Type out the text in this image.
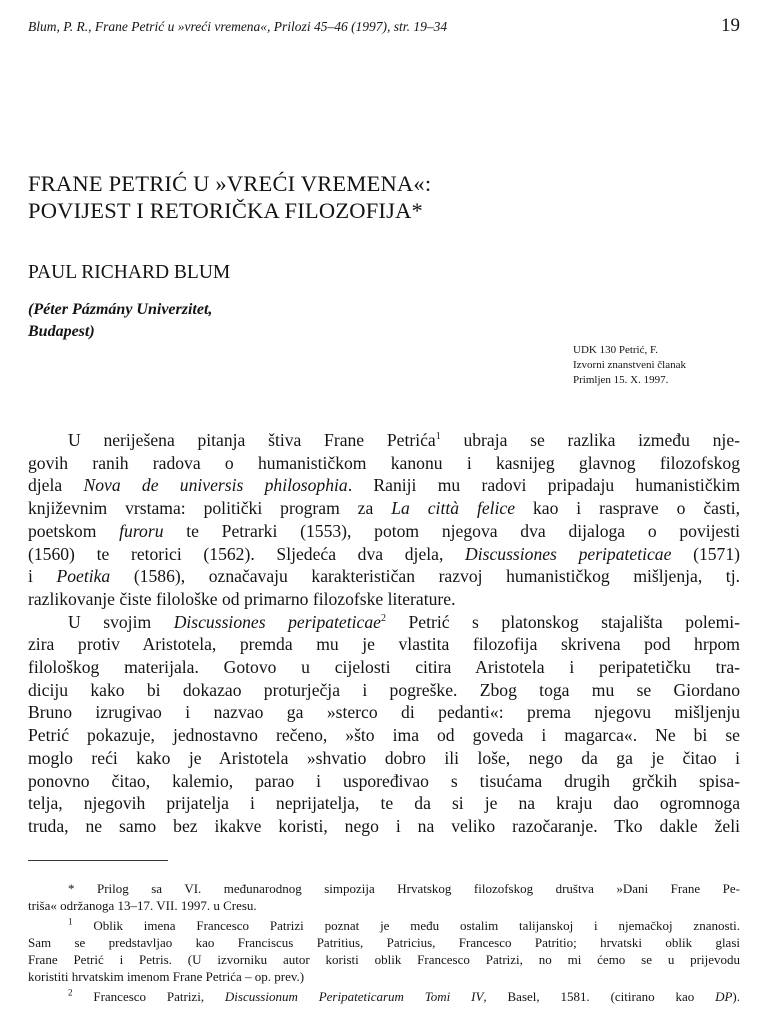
Blum, P. R., Frane Petrić u »vreći vremena«, Prilozi 45–46 (1997), str. 19–34	19
FRANE PETRIĆ U »VREĆI VREMENA«:
POVIJEST I RETORIČKA FILOZOFIJA*
PAUL RICHARD BLUM
(Péter Pázmány Univerzitet,
Budapest)
UDK 130 Petrić, F.
Izvorni znanstveni članak
Primljen 15. X. 1997.

U neriješena pitanja štiva Frane Petrića$^1$ ubraja se razlika između nje-
govih ranih radova o humanističkom kanonu i kasnijeg glavnog filozofskog
djela Nova de universis philosophia. Raniji mu radovi pripadaju humanističkim
književnim vrstama: politički program za La città felice kao i rasprave o časti,
poetskom furoru te Petrarki (1553), potom njegova dva dijaloga o povijesti
(1560) te retorici (1562). Sljedeća dva djela, Discussiones peripateticae (1571)
i Poetika (1586), označavaju karakterističan razvoj humanističkog mišljenja, tj.
razlikovanje čiste filološke od primarno filozofske literature.

U svojim Discussiones peripateticae$^2$ Petrić s platonskog stajališta polemi-
zira protiv Aristotela, premda mu je vlastita filozofija skrivena pod hrpom
filološkog materijala. Gotovo u cijelosti citira Aristotela i peripatetičku tra-
diciju kako bi dokazao proturječja i pogreške. Zbog toga mu se Giordano
Bruno izrugivao i nazvao ga »sterco di pedanti«: prema njegovu mišljenju
Petrić pokazuje, jednostavno rečeno, »što ima od goveda i magarca«. Ne bi se
moglo reći kako je Aristotela »shvatio dobro ili loše, nego da ga je čitao i
ponovno čitao, kalemio, parao i uspoređivao s tisućama drugih grčkih spisa-
telja, njegovih prijatelja i neprijatelja, te da si je na kraju dao ogromnoga
truda, ne samo bez ikakve koristi, nego i na veliko razočaranje. Tko dakle želi

* Prilog sa VI. međunarodnog simpozija Hrvatskog filozofskog društva »Dani Frane Pe-
triša« održanoga 13–17. VII. 1997. u Cresu.
$^1$ Oblik imena Francesco Patrizi poznat je među ostalim talijanskoj i njemačkoj znanosti.
Sam se predstavljao kao Franciscus Patritius, Patricius, Francesco Patritio; hrvatski oblik glasi
Frane Petrić i Petris. (U izvorniku autor koristi oblik Francesco Patrizi, no mi ćemo se u prijevodu
koristiti hrvatskim imenom Frane Petrića – op. prev.)
$^2$ Francesco Patrizi, Discussionum Peripateticarum Tomi IV, Basel, 1581. (citirano kao DP).
